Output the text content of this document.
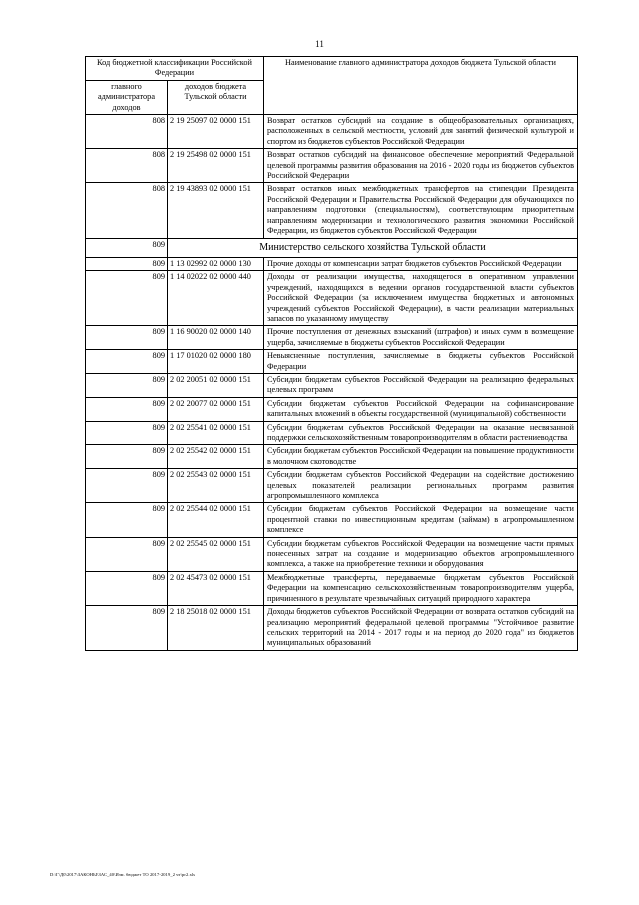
11
Код бюджетной классификации Российской Федерации		Наименование главного администратора доходов бюджета Тульской области
главного администратора доходов	доходов бюджета Тульской области	
808	2 19 25097 02 0000 151	Возврат остатков субсидий на создание в общеобразовательных организациях, расположенных в сельской местности, условий для занятий физической культурой и спортом из бюджетов субъектов Российской Федерации
808	2 19 25498 02 0000 151	Возврат остатков субсидий на финансовое обеспечение мероприятий Федеральной целевой программы развития образования на 2016 - 2020 годы из бюджетов субъектов Российской Федерации
808	2 19 43893 02 0000 151	Возврат остатков иных межбюджетных трансфертов на стипендии Президента Российской Федерации и Правительства Российской Федерации для обучающихся по направлениям подготовки (специальностям), соответствующим приоритетным направлениям модернизации и технологического развития экономики Российской Федерации, из бюджетов субъектов Российской Федерации
809	Министерство сельского хозяйства Тульской области	
809	1 13 02992 02 0000 130	Прочие доходы от компенсации затрат бюджетов субъектов Российской Федерации
809	1 14 02022 02 0000 440	Доходы от реализации имущества, находящегося в оперативном управлении учреждений, находящихся в ведении органов государственной власти субъектов Российской Федерации (за исключением имущества бюджетных и автономных учреждений субъектов Российской Федерации), в части реализации материальных запасов по указанному имуществу
809	1 16 90020 02 0000 140	Прочие поступления от денежных взысканий (штрафов) и иных сумм в возмещение ущерба, зачисляемые в бюджеты субъектов Российской Федерации
809	1 17 01020 02 0000 180	Невыясненные поступления, зачисляемые в бюджеты субъектов Российской Федерации
809	2 02 20051 02 0000 151	Субсидии бюджетам субъектов Российской Федерации на реализацию федеральных целевых программ
809	2 02 20077 02 0000 151	Субсидии бюджетам субъектов Российской Федерации на софинансирование капитальных вложений в объекты государственной (муниципальной) собственности
809	2 02 25541 02 0000 151	Субсидии бюджетам субъектов Российской Федерации на оказание несвязанной поддержки сельскохозяйственным товаропроизводителям в области растениеводства
809	2 02 25542 02 0000 151	Субсидии бюджетам субъектов Российской Федерации на повышение продуктивности в молочном скотоводстве
809	2 02 25543 02 0000 151	Субсидии бюджетам субъектов Российской Федерации на содействие достижению целевых показателей реализации региональных программ развития агропромышленного комплекса
809	2 02 25544 02 0000 151	Субсидии бюджетам субъектов Российской Федерации на возмещение части процентной ставки по инвестиционным кредитам (займам) в агропромышленном комплексе
809	2 02 25545 02 0000 151	Субсидии бюджетам субъектов Российской Федерации на возмещение части прямых понесенных затрат на создание и модернизацию объектов агропромышленного комплекса, а также на приобретение техники и оборудования
809	2 02 45473 02 0000 151	Межбюджетные трансферты, передаваемые бюджетам субъектов Российской Федерации на компенсацию сельскохозяйственным товаропроизводителям ущерба, причиненного в результате чрезвычайных ситуаций природного характера
809	2 18 25018 02 0000 151	Доходы бюджетов субъектов Российской Федерации от возврата остатков субсидий на реализацию мероприятий федеральной целевой программы "Устойчивое развитие сельских территорий на 2014 - 2017 годы и на период до 2020 года" из бюджетов муниципальных образований
D:\Г\Д0\2017\ЗАКОНЫ\ЗАС_40\Изм. бюджет ТО 2017-2019_2 чт\pr2.xls
